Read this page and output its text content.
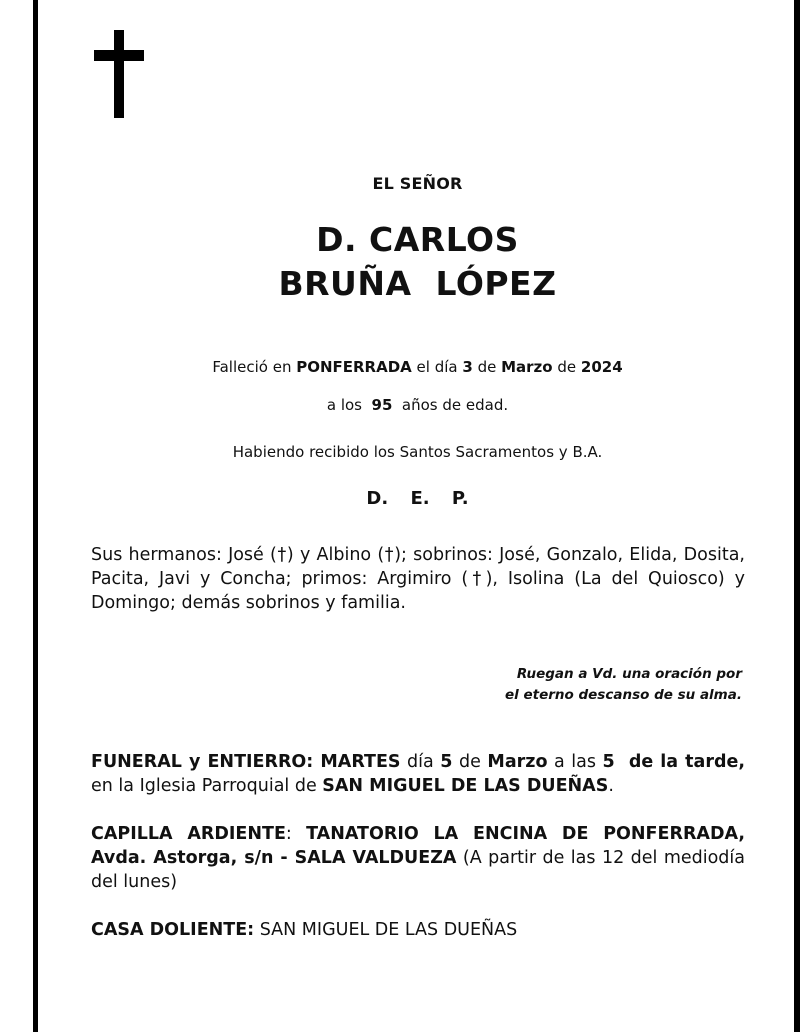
EL SEÑOR
D. CARLOS
BRUÑA  LÓPEZ
Falleció en PONFERRADA el día 3 de Marzo de 2024
a los  95  años de edad.
Habiendo recibido los Santos Sacramentos y B.A.
D. E. P.
Sus hermanos: José (†) y Albino (†); sobrinos: José, Gonzalo, Elida, Dosita, Pacita, Javi y Concha; primos: Argimiro (†), Isolina (La del Quiosco) y Domingo; demás sobrinos y familia.
Ruegan a Vd. una oración por
el eterno descanso de su alma.
FUNERAL y ENTIERRO: MARTES día 5 de Marzo a las 5  de la tarde, en la Iglesia Parroquial de SAN MIGUEL DE LAS DUEÑAS.
CAPILLA ARDIENTE: TANATORIO LA ENCINA DE PONFERRADA, Avda. Astorga, s/n - SALA VALDUEZA (A partir de las 12 del mediodía del lunes)
CASA DOLIENTE: SAN MIGUEL DE LAS DUEÑAS
